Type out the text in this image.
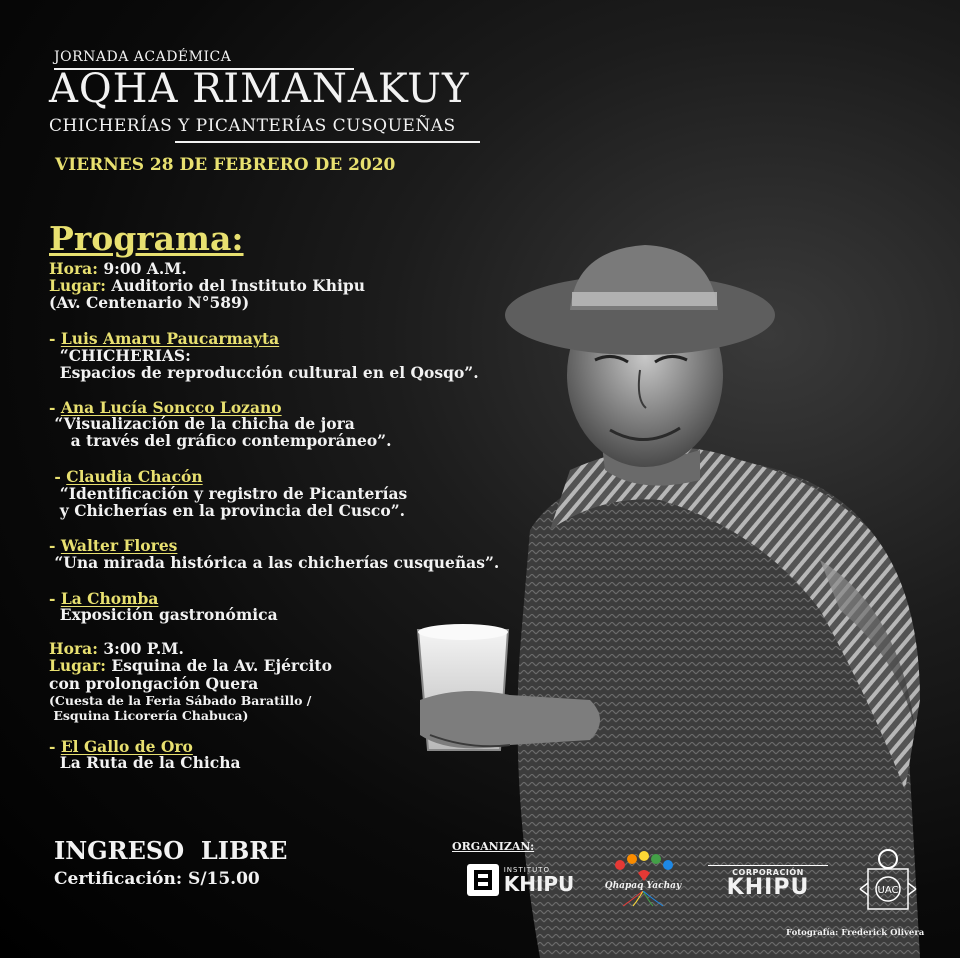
JORNADA ACADÉMICA
AQHA RIMANAKUY
CHICHERÍAS Y PICANTERÍAS CUSQUEÑAS
VIERNES 28 DE FEBRERO DE 2020
Programa:
Hora: 9:00 A.M.
Lugar: Auditorio del Instituto Khipu
(Av. Centenario N°589)
- Luis Amaru Paucarmayta
“CHICHERIAS:
Espacios de reproducción cultural en el Qosqo”.
- Ana Lucía Soncco Lozano
“Visualización de la chicha de jora
a través del gráfico contemporáneo”.
- Claudia Chacón
“Identificación y registro de Picanterías
y Chicherías en la provincia del Cusco”.
- Walter Flores
“Una mirada histórica a las chicherías cusqueñas”.
- La Chomba
Exposición gastronómica
Hora: 3:00 P.M.
Lugar: Esquina de la Av. Ejército
con prolongación Quera
(Cuesta de la Feria Sábado Baratillo /
Esquina Licorería Chabuca)
- El Gallo de Oro
La Ruta de la Chicha
INGRESO  LIBRE
Certificación: S/15.00
ORGANIZAN:
INSTITUTO
KHIPU	Qhapaq Yachay
CORPORACIÓN
KHIPU	UAC
Fotografía: Frederick Olivera
